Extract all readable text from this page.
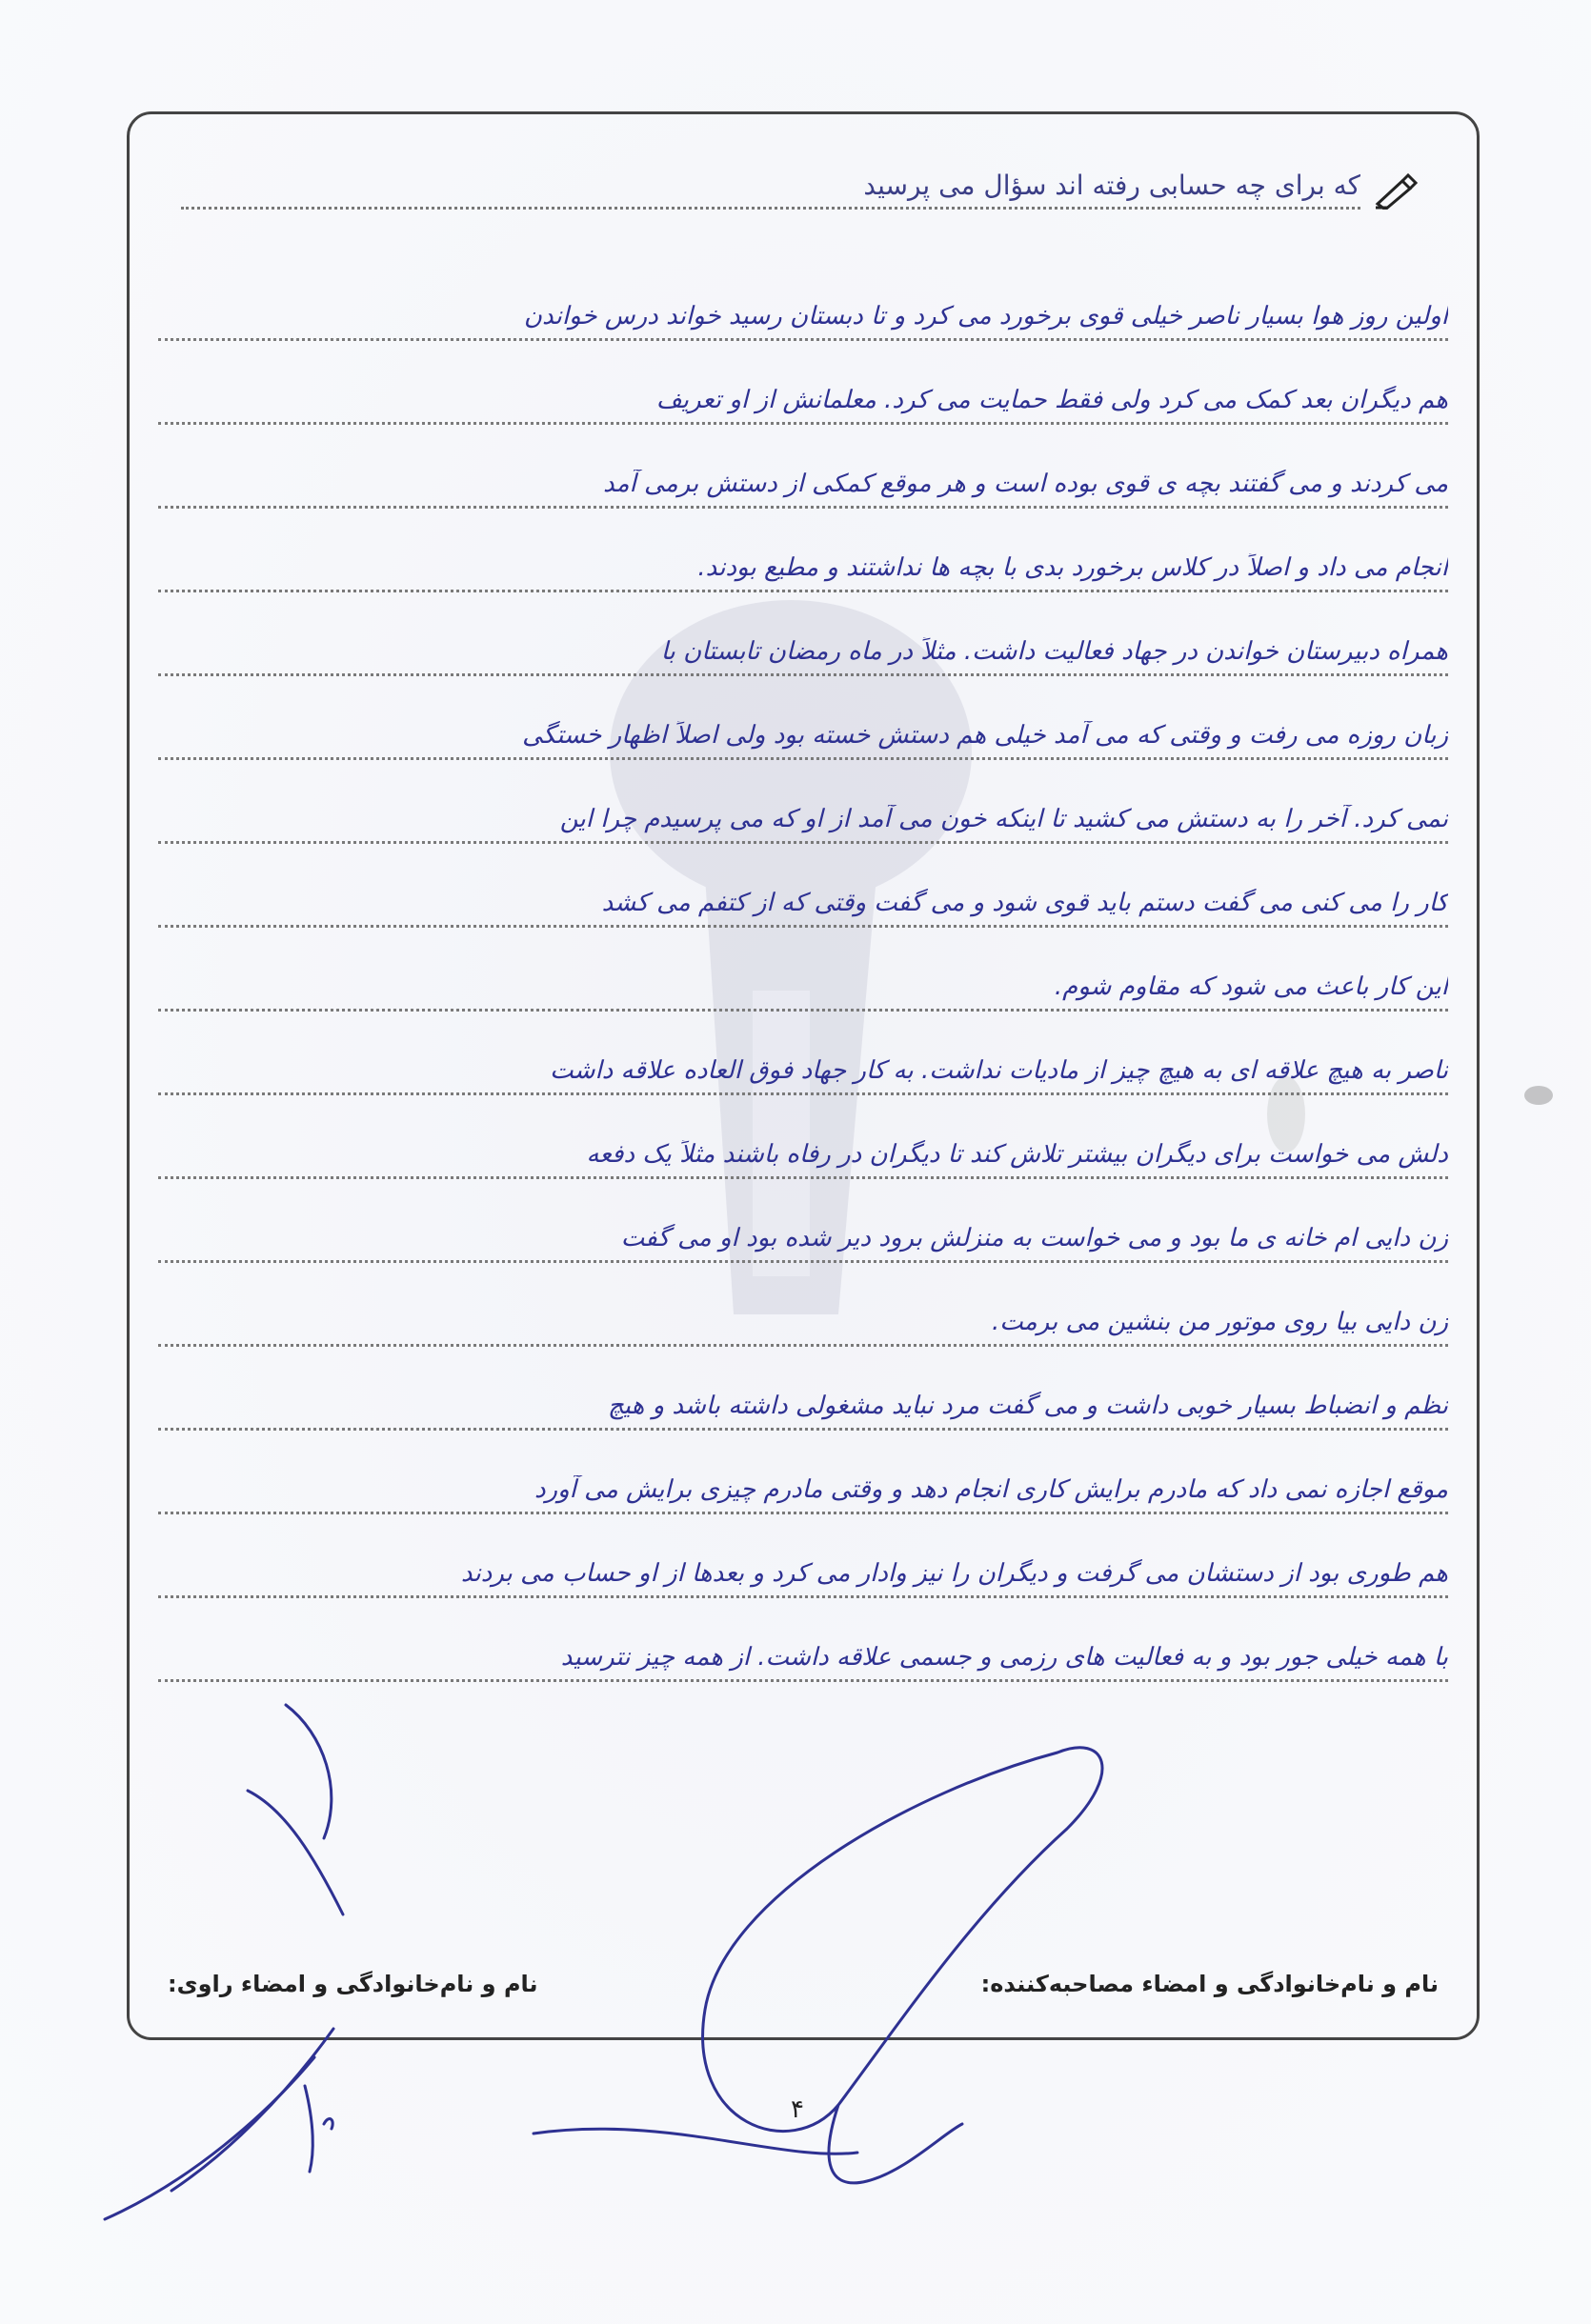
که برای چه حسابی رفته اند سؤال می پرسید
اولین روز هوا بسیار ناصر خیلی قوی برخورد می کرد و تا دبستان رسید خواند درس خواندن
هم دیگران بعد کمک می کرد ولی فقط حمایت می کرد. معلمانش از او تعریف
می کردند و می گفتند بچه ی قوی بوده است و هر موقع کمکی از دستش برمی آمد
انجام می داد و اصلاً در کلاس برخورد بدی با بچه ها نداشتند و مطیع بودند.
همراه دبیرستان خواندن در جهاد فعالیت داشت. مثلاً در ماه رمضان تابستان با
زبان روزه می رفت و وقتی که می آمد خیلی هم دستش خسته بود ولی اصلاً اظهار خستگی
نمی کرد. آخر را به دستش می کشید تا اینکه خون می آمد از او که می پرسیدم چرا این
کار را می کنی می گفت دستم باید قوی شود و می گفت وقتی که از کتفم می کشد
این کار باعث می شود که مقاوم شوم.
ناصر به هیچ علاقه ای به هیچ چیز از مادیات نداشت. به کار جهاد فوق العاده علاقه داشت
دلش می خواست برای دیگران بیشتر تلاش کند تا دیگران در رفاه باشند مثلاً یک دفعه
زن دایی ام خانه ی ما بود و می خواست به منزلش برود دیر شده بود او می گفت
زن دایی بیا روی موتور من بنشین می برمت.
نظم و انضباط بسیار خوبی داشت و می گفت مرد نباید مشغولی داشته باشد و هیچ
موقع اجازه نمی داد که مادرم برایش کاری انجام دهد و وقتی مادرم چیزی برایش می آورد
هم طوری بود از دستشان می گرفت و دیگران را نیز وادار می کرد و بعدها از او حساب می بردند
با همه خیلی جور بود و به فعالیت های رزمی و جسمی علاقه داشت. از همه چیز نترسید
نام و نام‌خانوادگی و امضاء مصاحبه‌کننده:
نام و نام‌خانوادگی و امضاء راوی:
۴
